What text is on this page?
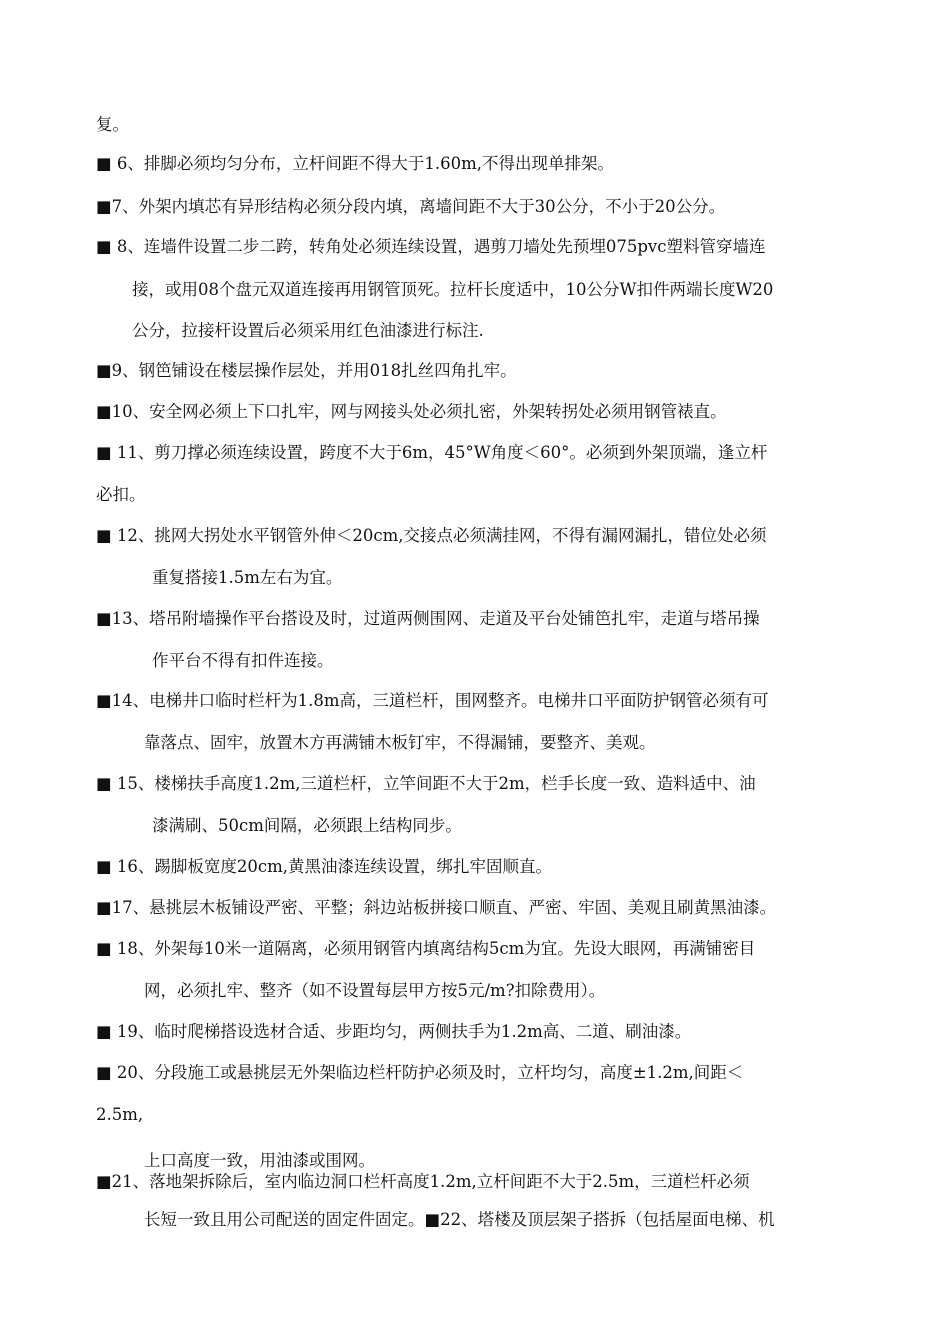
复。
■ 6、排脚必须均匀分布，立杆间距不得大于1.60m,不得出现单排架。
■7、外架内填芯有异形结构必须分段内填，离墙间距不大于30公分，不小于20公分。
■ 8、连墙件设置二步二跨，转角处必须连续设置，遇剪刀墙处先预埋075pvc塑料管穿墙连
接，或用08个盘元双道连接再用钢管顶死。拉杆长度适中，10公分W扣件两端长度W20
公分，拉接杆设置后必须采用红色油漆进行标注.
■9、钢笆铺设在楼层操作层处，并用018扎丝四角扎牢。
■10、安全网必须上下口扎牢，网与网接头处必须扎密，外架转拐处必须用钢管裱直。
■ 11、剪刀撑必须连续设置，跨度不大于6m，45°W角度＜60°。必须到外架顶端，逢立杆
必扣。
■ 12、挑网大拐处水平钢管外伸＜20cm,交接点必须满挂网，不得有漏网漏扎，错位处必须
重复搭接1.5m左右为宜。
■13、塔吊附墙操作平台搭设及时，过道两侧围网、走道及平台处铺笆扎牢，走道与塔吊操
作平台不得有扣件连接。
■14、电梯井口临时栏杆为1.8m高，三道栏杆，围网整齐。电梯井口平面防护钢管必须有可
靠落点、固牢，放置木方再满铺木板钉牢，不得漏铺，要整齐、美观。
■ 15、楼梯扶手高度1.2m,三道栏杆，立竿间距不大于2m，栏手长度一致、造料适中、油
漆满刷、50cm间隔，必须跟上结构同步。
■ 16、踢脚板宽度20cm,黄黑油漆连续设置，绑扎牢固顺直。
■17、悬挑层木板铺设严密、平整；斜边站板拼接口顺直、严密、牢固、美观且刷黄黑油漆。
■ 18、外架每10米一道隔离，必须用钢管内填离结构5cm为宜。先设大眼网，再满铺密目
网，必须扎牢、整齐（如不设置每层甲方按5元/m?扣除费用）。
■ 19、临时爬梯搭设选材合适、步距均匀，两侧扶手为1.2m高、二道、刷油漆。
■ 20、分段施工或悬挑层无外架临边栏杆防护必须及时，立杆均匀，高度±1.2m,间距＜
2.5m,
上口高度一致，用油漆或围网。
■21、落地架拆除后，室内临边洞口栏杆高度1.2m,立杆间距不大于2.5m，三道栏杆必须
长短一致且用公司配送的固定件固定。■22、塔楼及顶层架子搭拆（包括屋面电梯、机
